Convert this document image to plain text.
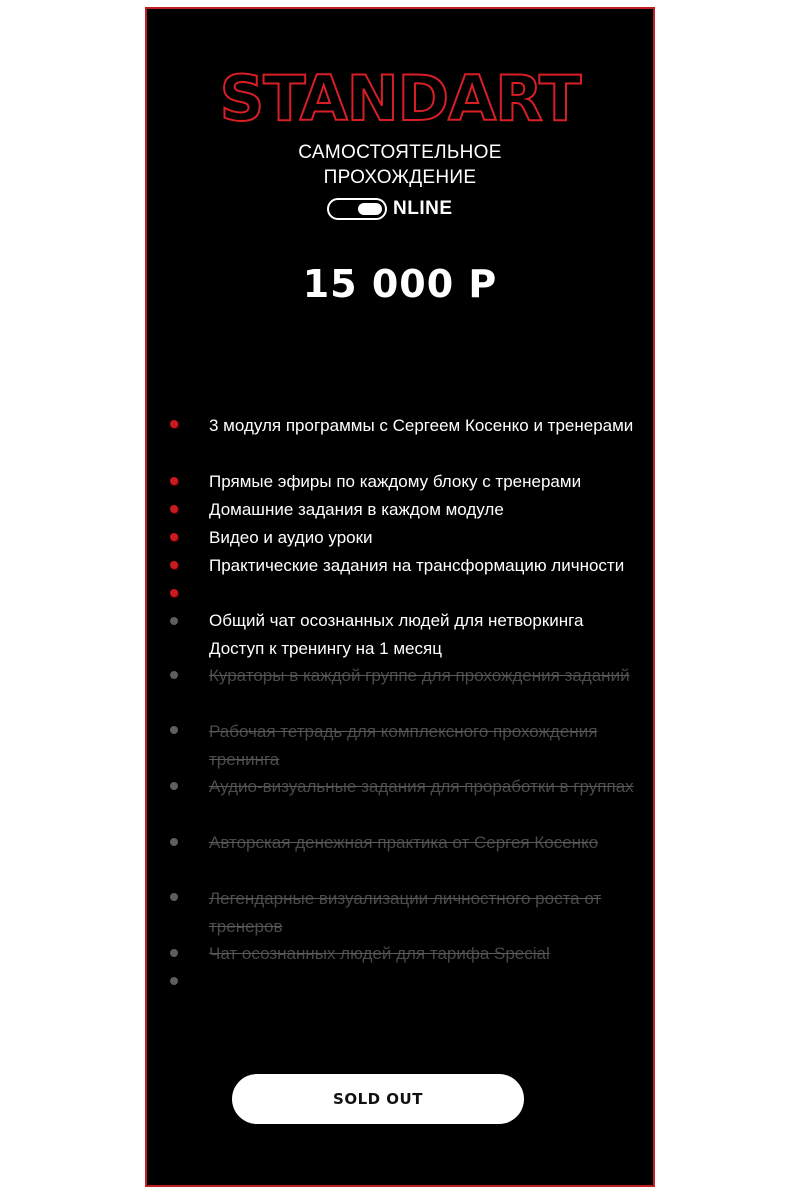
STANDART
САМОСТОЯТЕЛЬНОЕ
ПРОХОЖДЕНИЕ
NLINE
15 000 Р
3 модуля программы с Сергеем Косенко и тренерами
Прямые эфиры по каждому блоку с тренерами
Домашние задания в каждом модуле
Видео и аудио уроки
Практические задания на трансформацию личности
Общий чат осознанных людей для нетворкинга
Доступ к тренингу на 1 месяц
Кураторы в каждой группе для прохождения заданий
Рабочая тетрадь для комплексного прохождения тренинга
Аудио-визуальные задания для проработки в группах
Авторская денежная практика от Сергея Косенко
Легендарные визуализации личностного роста от тренеров
Чат осознанных людей для тарифа Special
SOLD OUT
